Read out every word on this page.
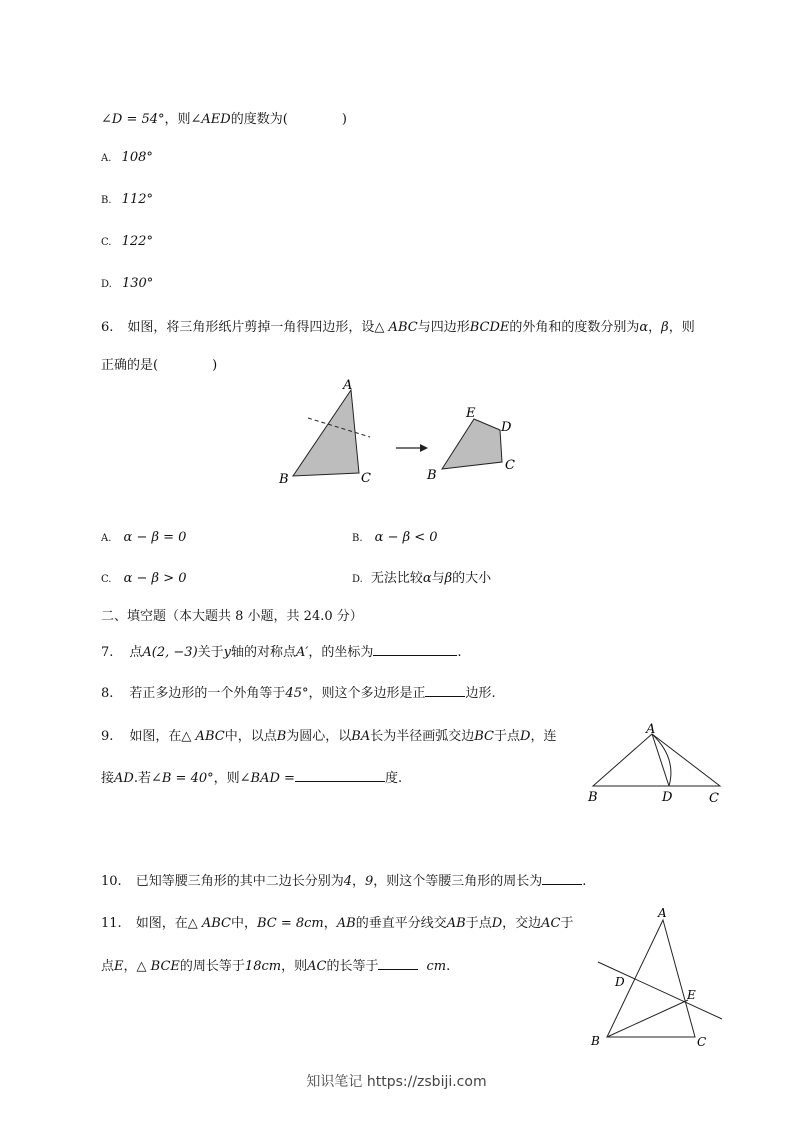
∠D = 54°，则∠AED的度数为(	)
A. 108°
B. 112°
C. 122°
D. 130°
6. 如图，将三角形纸片剪掉一角得四边形，设△ ABC与四边形BCDE的外角和的度数分别为α，β，则
正确的是(	)
A
B	C
E
D
C
B
A. α − β = 0	B. α − β < 0
C. α − β > 0	D. 无法比较α与β的大小
二、填空题（本大题共 8 小题，共 24.0 分）
7. 点A(2, −3)关于y轴的对称点A′，的坐标为	.
8. 若正多边形的一个外角等于45°，则这个多边形是正	边形.
9. 如图，在△ ABC中，以点B为圆心，以BA长为半径画弧交边BC于点D，连
接AD.若∠B = 40°，则∠BAD =	度.
A
B	D	C
10. 已知等腰三角形的其中二边长分别为4，9，则这个等腰三角形的周长为	.
11. 如图，在△ ABC中，BC = 8cm，AB的垂直平分线交AB于点D，交边AC于
点E，△ BCE的周长等于18cm，则AC的长等于	cm.
A
D
E
B	C
知识笔记 https://zsbiji.com
